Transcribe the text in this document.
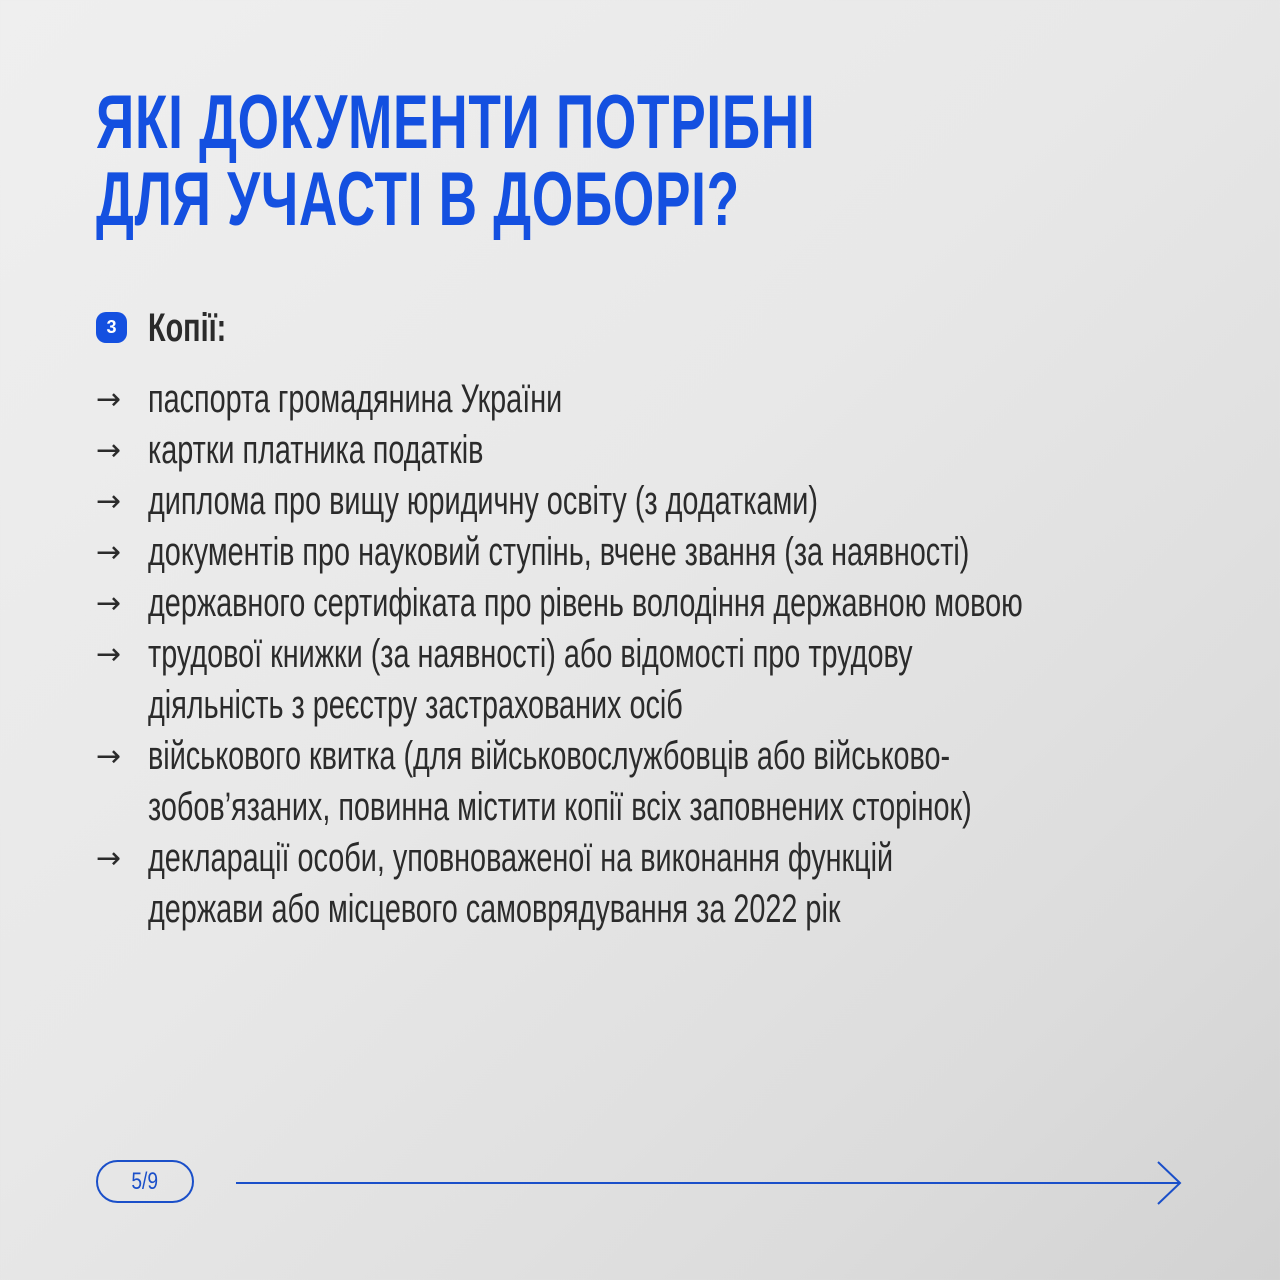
ЯКІ ДОКУМЕНТИ ПОТРІБНІ
ДЛЯ УЧАСТІ В ДОБОРІ?
3 Копії:
→ паспорта громадянина України
→ картки платника податків
→ диплома про вищу юридичну освіту (з додатками)
→ документів про науковий ступінь, вчене звання (за наявності)
→ державного сертифіката про рівень володіння державною мовою
→ трудової книжки (за наявності) або відомості про трудову
діяльність з реєстру застрахованих осіб
→ військового квитка (для військовослужбовців або військово-
зобов’язаних, повинна містити копії всіх заповнених сторінок)
→ декларації особи, уповноваженої на виконання функцій
держави або місцевого самоврядування за 2022 рік
5/9
